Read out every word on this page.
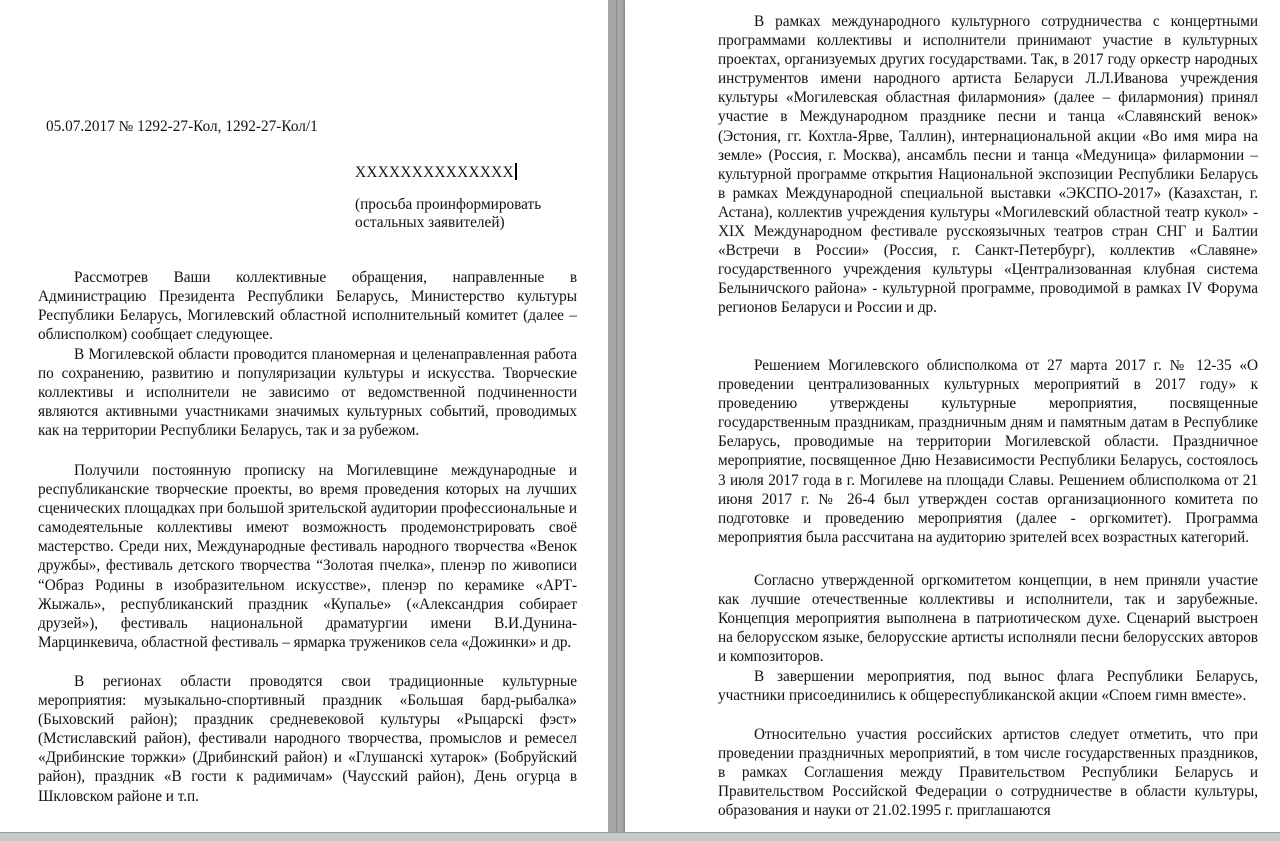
05.07.2017 № 1292-27-Кол, 1292-27-Кол/1

XXXXXXXXXXXXXX

(просьба проинформировать остальных заявителей)

Рассмотрев Ваши коллективные обращения, направленные в Администрацию Президента Республики Беларусь, Министерство культуры Республики Беларусь, Могилевский областной исполнительный комитет (далее – облисполком) сообщает следующее.

В Могилевской области проводится планомерная и целенаправленная работа по сохранению, развитию и популяризации культуры и искусства. Творческие коллективы и исполнители не зависимо от ведомственной подчиненности являются активными участниками значимых культурных событий, проводимых как на территории Республики Беларусь, так и за рубежом.

Получили постоянную прописку на Могилевщине международные и республиканские творческие проекты, во время проведения которых на лучших сценических площадках при большой зрительской аудитории профессиональные и самодеятельные коллективы имеют возможность продемонстрировать своё мастерство. Среди них, Международные фестиваль народного творчества «Венок дружбы», фестиваль детского творчества “Золотая пчелка», пленэр по живописи “Образ Родины в изобразительном искусстве», пленэр по керамике «АРТ-Жыжаль», республиканский праздник «Купалье» («Александрия собирает друзей»), фестиваль национальной драматургии имени В.И.Дунина-Марцинкевича, областной фестиваль – ярмарка тружеников села «Дожинки» и др.

В регионах области проводятся свои традиционные культурные мероприятия: музыкально-спортивный праздник «Большая бард-рыбалка» (Быховский район); праздник средневековой культуры «Рыцарскi фэст» (Мстиславский район), фестивали народного творчества, промыслов и ремесел «Дрибинские торжки» (Дрибинский район) и «Глушанскi хутарок» (Бобруйский район), праздник «В гости к радимичам» (Чаусский район), День огурца в Шкловском районе и т.п.

В рамках международного культурного сотрудничества с концертными программами коллективы и исполнители принимают участие в культурных проектах, организуемых других государствами. Так, в 2017 году оркестр народных инструментов имени народного артиста Беларуси Л.Л.Иванова учреждения культуры «Могилевская областная филармония» (далее – филармония) принял участие в Международном празднике песни и танца «Славянский венок» (Эстония, гг. Кохтла-Ярве, Таллин), интернациональной акции «Во имя мира на земле» (Россия, г. Москва), ансамбль песни и танца «Медуница» филармонии – культурной программе открытия Национальной экспозиции Республики Беларусь в рамках Международной специальной выставки «ЭКСПО-2017» (Казахстан, г. Астана), коллектив учреждения культуры «Могилевский областной театр кукол» - XIX Международном фестивале русскоязычных театров стран СНГ и Балтии «Встречи в России» (Россия, г. Санкт-Петербург), коллектив «Славяне» государственного учреждения культуры «Централизованная клубная система Белыничского района» - культурной программе, проводимой в рамках IV Форума регионов Беларуси и России и др.

Решением Могилевского облисполкома от 27 марта 2017 г. № 12-35 «О проведении централизованных культурных мероприятий в 2017 году» к проведению утверждены культурные мероприятия, посвященные государственным праздникам, праздничным дням и памятным датам в Республике Беларусь, проводимые на территории Могилевской области. Праздничное мероприятие, посвященное Дню Независимости Республики Беларусь, состоялось 3 июля 2017 года в г. Могилеве на площади Славы. Решением облисполкома от 21 июня 2017 г. № 26-4 был утвержден состав организационного комитета по подготовке и проведению мероприятия (далее - оргкомитет). Программа мероприятия была рассчитана на аудиторию зрителей всех возрастных категорий.

Согласно утвержденной оргкомитетом концепции, в нем приняли участие как лучшие отечественные коллективы и исполнители, так и зарубежные. Концепция мероприятия выполнена в патриотическом духе. Сценарий выстроен на белорусском языке, белорусские артисты исполняли песни белорусских авторов и композиторов.

В завершении мероприятия, под вынос флага Республики Беларусь, участники присоединились к общереспубликанской акции «Споем гимн вместе».

Относительно участия российских артистов следует отметить, что при проведении праздничных мероприятий, в том числе государственных праздников, в рамках Соглашения между Правительством Республики Беларусь и Правительством Российской Федерации о сотрудничестве в области культуры, образования и науки от 21.02.1995 г. приглашаются
